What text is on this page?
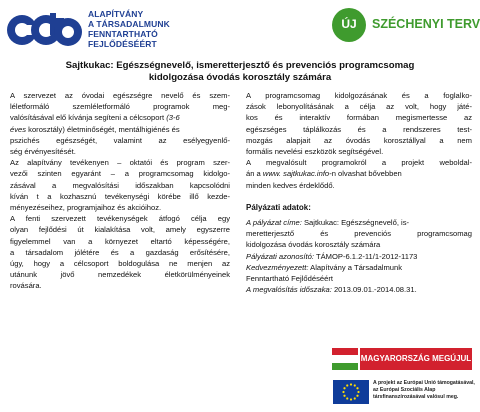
ALAPÍTVÁNY
A TÁRSADALMUNK
FENNTARTHATÓ
FEJLŐDÉSÉÉRT
ÚJ	SZÉCHENYI TERV
Sajtkukac: Egészségnevelő, ismeretterjesztő és prevenciós programcsomag
kidolgozása óvodás korosztály számára

A szervezet az óvodai egészségre nevelő és szem-
léletformáló szemléletformáló programok meg-
valósításával elő kívánja segíteni a célcsoport (3-6
éves korosztály) életminőségét, mentálhigiénés és
pszichés egészségét, valamint az esélyegyenlő-
ség érvényesítését.

Az alapítvány tevékenyen – oktatói és program szer-
vezői szinten egyaránt – a programcsomag kidolgo-
zásával a megvalósítási időszakban kapcsolódni
kíván t a kozhasznú tevékenységi körébe illő kezde-
ményezéseihez, programjaihoz és akcióihoz.

A fenti szervezett tevékenységek átfogó célja egy
olyan fejlődési út kialakítása volt, amely egyszerre
figyelemmel van a környezet eltartó képességére,
a társadalom jólétére és a gazdaság erősítésére,
úgy, hogy a célcsoport boldogulása ne menjen az
utánunk jövő nemzedékek életkörülményeinek
rovására.

A programcsomag kidolgozásának és a foglalko-
zások lebonyolításának a célja az volt, hogy játé-
kos és interaktív formában megismertesse az
egészséges táplálkozás és a rendszeres test-
mozgás alapjait az óvodás korosztállyal a nem
formális nevelési eszközök segítségével.

A megvalósult programokról a projekt weboldal-
án a www. sajtkukac.info-n olvashat bővebben
minden kedves érdeklődő.

Pályázati adatok:

A pályázat címe: Sajtkukac: Egészségnevelő, is-
meretterjesztő és prevenciós programcsomag
kidolgozása óvodás korosztály számára
Pályázati azonosító: TÁMOP-6.1.2-11/1-2012-1173
Kedvezményezett: Alapítvány a Társadalmunk
Fenntartható Fejlődéséért
A megvalósítás időszaka: 2013.09.01.-2014.08.31.

MAGYARORSZÁG MEGÚJUL
A projekt az Európai Unió támogatásával,
az Európai Szociális Alap
társfinanszírozásával valósul meg.
